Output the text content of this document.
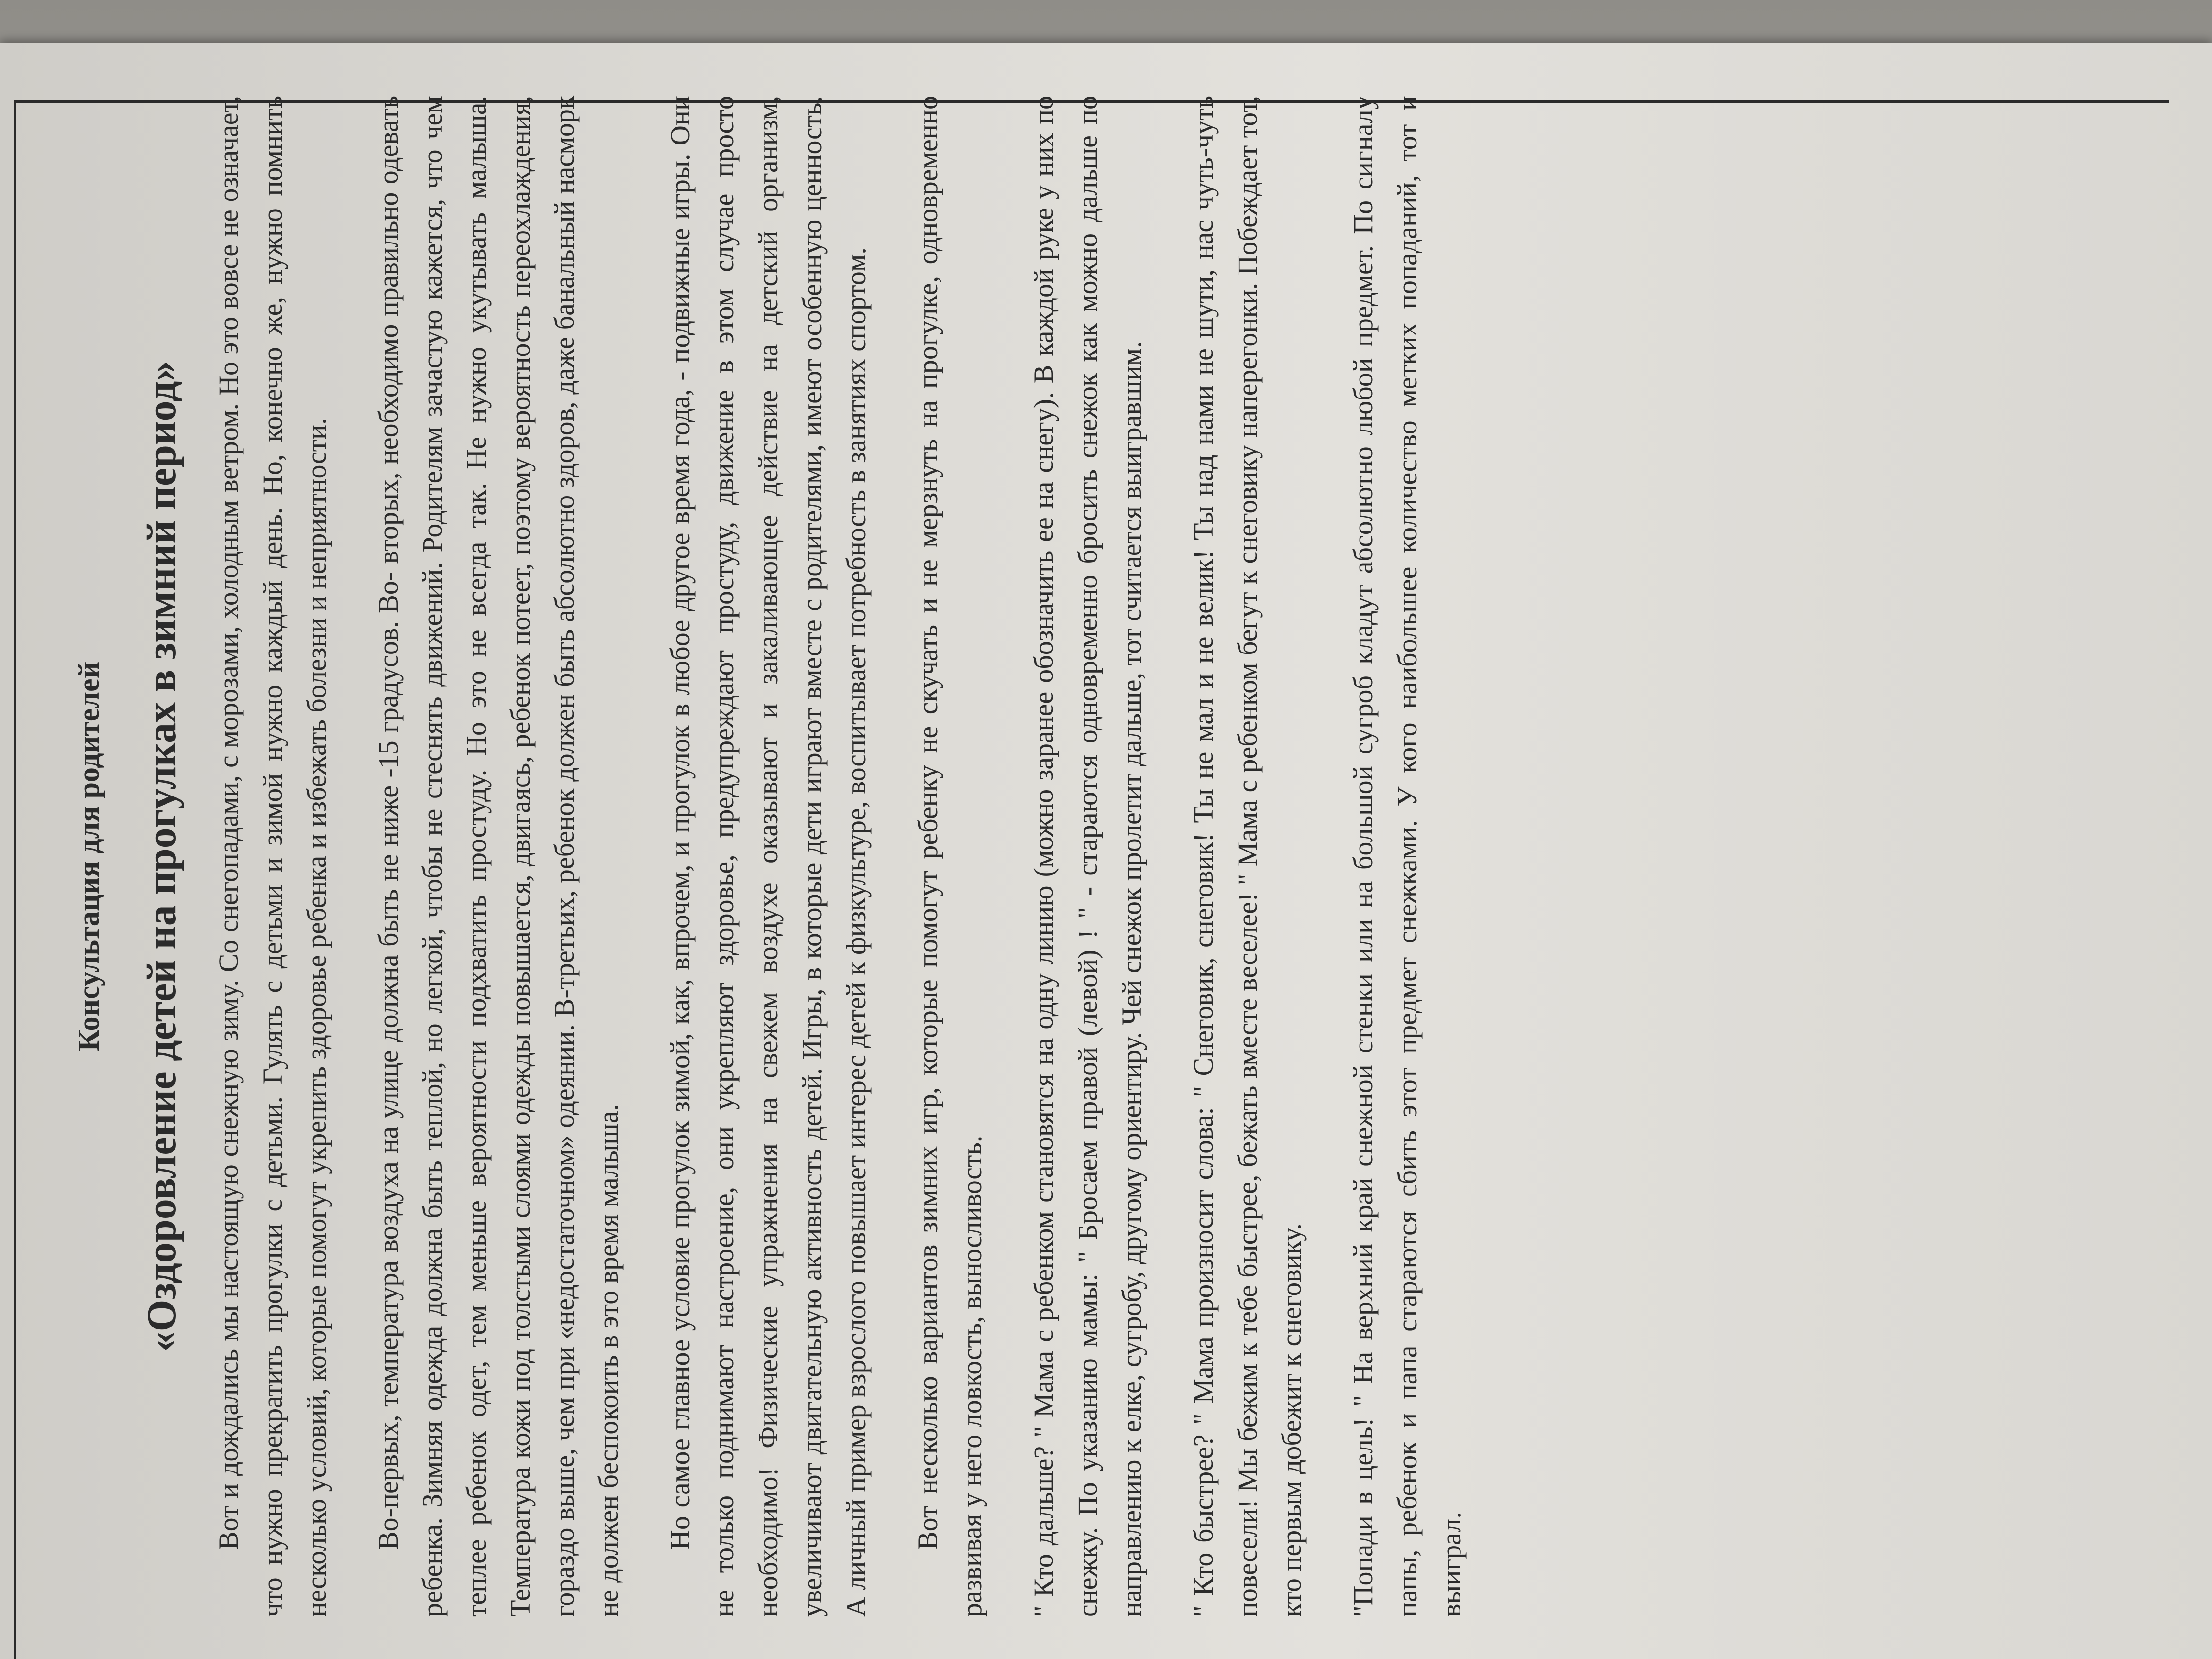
Консультация для родителей «Оздоровление детей на прогулках в зимний период» Вот и дождались мы настоящую снежную зиму. Со снегопадами, с морозами, холодным ветром. Но это вовсе не означает, что нужно прекратить прогулки с детьми. Гулять с детьми и зимой нужно каждый день. Но, конечно же, нужно помнить несколько условий, которые помогут укрепить здоровье ребенка и избежать болезни и неприятности. Во-первых, температура воздуха на улице должна быть не ниже -15 градусов. Во- вторых, необходимо правильно одевать ребенка. Зимняя одежда должна быть теплой, но легкой, чтобы не стеснять движений. Родителям зачастую кажется, что чем теплее ребенок одет, тем меньше вероятности подхватить простуду. Но это не всегда так. Не нужно укутывать малыша. Температура кожи под толстыми слоями одежды повышается, двигаясь, ребенок потеет, поэтому вероятность переохлаждения, гораздо выше, чем при «недостаточном» одеянии. В-третьих, ребенок должен быть абсолютно здоров, даже банальный насморк не должен беспокоить в это время малыша. Но самое главное условие прогулок зимой, как, впрочем, и прогулок в любое другое время года, - подвижные игры. Они не только поднимают настроение, они укрепляют здоровье, предупреждают простуду, движение в этом случае просто необходимо! Физические упражнения на свежем воздухе оказывают и закаливающее действие на детский организм, увеличивают двигательную активность детей. Игры, в которые дети играют вместе с родителями, имеют особенную ценность. А личный пример взрослого повышает интерес детей к физкультуре, воспитывает потребность в занятиях спортом. Вот несколько вариантов зимних игр, которые помогут ребенку не скучать и не мерзнуть на прогулке, одновременно развивая у него ловкость, выносливость. " Кто дальше? " Мама с ребенком становятся на одну линию (можно заранее обозначить ее на снегу). В каждой руке у них по снежку. По указанию мамы: " Бросаем правой (левой) ! " - стараются одновременно бросить снежок как можно дальше по направлению к елке, сугробу, другому ориентиру. Чей снежок пролетит дальше, тот считается выигравшим. " Кто быстрее? " Мама произносит слова: " Снеговик, снеговик! Ты не мал и не велик! Ты над нами не шути, нас чуть-чуть повесели! Мы бежим к тебе быстрее, бежать вместе веселее! " Мама с ребенком бегут к снеговику наперегонки. Побеждает тот, кто первым добежит к снеговику. "Попади в цель! " На верхний край снежной стенки или на большой сугроб кладут абсолютно любой предмет. По сигналу папы, ребенок и папа стараются сбить этот предмет снежками. У кого наибольшее количество метких попаданий, тот и выиграл.
